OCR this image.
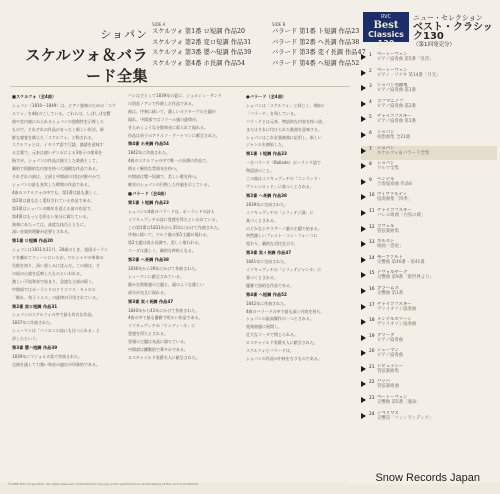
ショパン
スケルツォ＆バラード全集
SIDE A
スケルツォ 第1番 ロ短調 作品20
スケルツォ 第2番 変ロ短調 作品31
スケルツォ 第3番 嬰ハ短調 作品39
スケルツォ 第4番 ホ長調 作品54
SIDE B
バラード 第1番 ト短調 作品23
バラード 第2番 ヘ長調 作品38
バラード 第3番 変イ長調 作品47
バラード 第4番 ヘ短調 作品52
■スケルツォ（全4曲）
ショパン（1810〜1849）は、ピアノ独奏のための「スケ
ルツォ」を4曲のこしている。これらは、しばしば交響
曲や室内楽にみられるショパンの独創性を示唆した
もので、それぞれの作品がまったく新しい形式、新
鮮な感覚を備えた「スケルツォ」と称される。
スケルツォとは、イタリア語で冗談、諧謔を意味す
る言葉で、元来は速いテンポによる3拍子の楽章を
指すが、ショパンの作品は独立した楽曲として、
劇的で情熱的な内容を持つ大規模な作品である。
それぞれの曲は、主部と中間部の対比が鮮やかで、
ショパンの最も充実した時期の作品である。
4曲のスケルツォの中でも、第1番は最も激しく、
第2番は最も広く愛好されている作品である。
第3番はショパンの晩年を迎える前の作品で、
第4番はもっとも明るい気分に満ちている。
演奏にあたっては、高度な技巧とともに、
深い音楽的理解が必要とされる。
第1番 ロ短調 作品20
ショパンは1831年11月、20歳のとき、祖国ポーラン
ドを離れてウィーンにいたが、ワルシャワの革命の
失敗を知り、深い悲しみに沈んだ。この曲は、そ
の頃の心境を反映したものといわれる。
激しい不協和音で始まり、急速な主部が続く。
中間部ではポーランドのクリスマス・キャロル
「眠れ、幼子イエス」の旋律が引用されている。
第2番 変ロ短調 作品31
ショパンのスケルツォの中で最も有名な作品。
1837年に作曲された。
シューマンは「バイロンの詩にも比べられる」と
評したという。
第3番 嬰ハ短調 作品39
1839年にマジョルカ島で作曲された。
全曲を通して力強い和音の連打が印象的である。
バンは主として1839年の夏に、ジョルジュ・サンド
の別荘ノアンで作曲した作品である。
曲は、序奏に続いて、激しいオクターヴの主題が
現れ、中間部ではコラール風の旋律が、
きらめくような分散和音に彩られて現れる。
作品は弟子のアドルフ・グートマンに献呈された。
第4番 ホ長調 作品54
1842年に作曲された。
4曲のスケルツォの中で唯一の長調の作品で、
明るく軽快な雰囲気を持つ。
中間部は嬰ハ短調で、美しい歌を持つ。
晩年のショパンの円熟した作風を示している。
■バラード（全4曲）
第1番 ト短調 作品23
ショパンの4曲のバラードは、ポーランドの詩人
ミツキェヴィチの詩に霊感を得たといわれている。
この第1番は1831年から35年にかけて作曲された。
序奏に続いて、ワルツ風の第1主題が現れる。
第2主題は変ホ長調で、美しく歌われる。
コーダは激しく、劇的な終結となる。
第2番 ヘ長調 作品38
1836年から39年にかけて作曲された。
シューマンに献呈されている。
静かな牧歌風の主題と、嵐のような激しい
部分が交互に現れる。
第3番 変イ長調 作品47
1840年から41年にかけて作曲された。
4曲の中で最も優雅で明るい作品である。
ミツキェヴィチの「ウンディーネ」に
霊感を得たとされる。
冒頭の主題は気品に満ちている。
中間部は躍動的で華やかである。
ロスチャイルド男爵夫人に献呈された。
●バラード（全4曲）
ショパンは「スケルツォ」と同じく、4曲の
「バラード」を残している。
バラードとは元来、物語的な内容を持つ詩、
またはそれに付けられた歌曲を意味する。
ショパンはこれを器楽曲に応用し、新しい
ジャンルを創始した。
第1番 ト短調 作品23
一方バラード（Ballade）ポーランド語で
物語詩のこと。
この曲はミツキェヴィチの「コンラッド・
ヴァレンロッド」に基づくとされる。
第2番 ヘ長調 作品38
1839年に完成された。
ミツキェヴィチの「シフィテジ湖」に
基づくとされる。
のどかなシチリアーノ風の主題で始まる。
突然激しいプレスト・コン・フォーコに
変わり、劇的な対比を示す。
第3番 変イ長調 作品47
1841年に完成された。
ミツキェヴィチの「シフィテジャンカ」に
基づくとされる。
優雅で詩的な作品である。
第4番 ヘ短調 作品52
1842年に作曲された。
4曲のバラードの中で最も深い内容を持ち、
ショパンの最高傑作の一つとされる。
変奏曲風に展開し、
壮大なコーダで閉じられる。
ロスチャイルド男爵夫人に献呈された。
スケルツォとバラードは、
ショパンの作品の中核をなすものである。
RVC
Best
Classics 130
ニュー・セレクション
ベスト・クラシック130
（第1回発売分）
1	ベートーヴェン
ピアノ協奏曲 第5番「皇帝」
2	ベートーヴェン
ピアノ・ソナタ 第14番「月光」
3	ショパン名曲集
ピアノ協奏曲 第1番
4	ラフマニノフ
ピアノ協奏曲 第2番
5	チャイコフスキー
ピアノ協奏曲 第1番
6	ショパン
夜想曲集 全21曲
7	ショパン
スケルツォ＆バラード全集
8	ショパン
ワルツ全集
9	ヘンデル
合奏協奏曲 作品6
10 ヴィヴァルディ
協奏曲集「四季」
11 チャイコフスキー
バレエ組曲「白鳥の湖」
12 ラヴェル
管弦楽曲集
13 ホルスト
組曲「惑星」
14 モーツァルト
交響曲 第40番・第41番
15 ドヴォルザーク
交響曲 第9番「新世界より」
16 ブラームス
交響曲 第1番
17 チャイコフスキー
ヴァイオリン協奏曲
18 メンデルスゾーン
ヴァイオリン協奏曲
19 グリーグ
ピアノ協奏曲
20 シューマン
ピアノ協奏曲
21 ドビュッシー
管弦楽曲集
22 バッハ
管弦楽組曲
23 ベートーヴェン
交響曲 第5番「運命」
24 シベリウス
交響詩「フィンランディア」
©1985 RVC Corporation. All rights reserved. Unauthorized copying, public performance, broadcasting of this record prohibited.	Snow Records Japan
